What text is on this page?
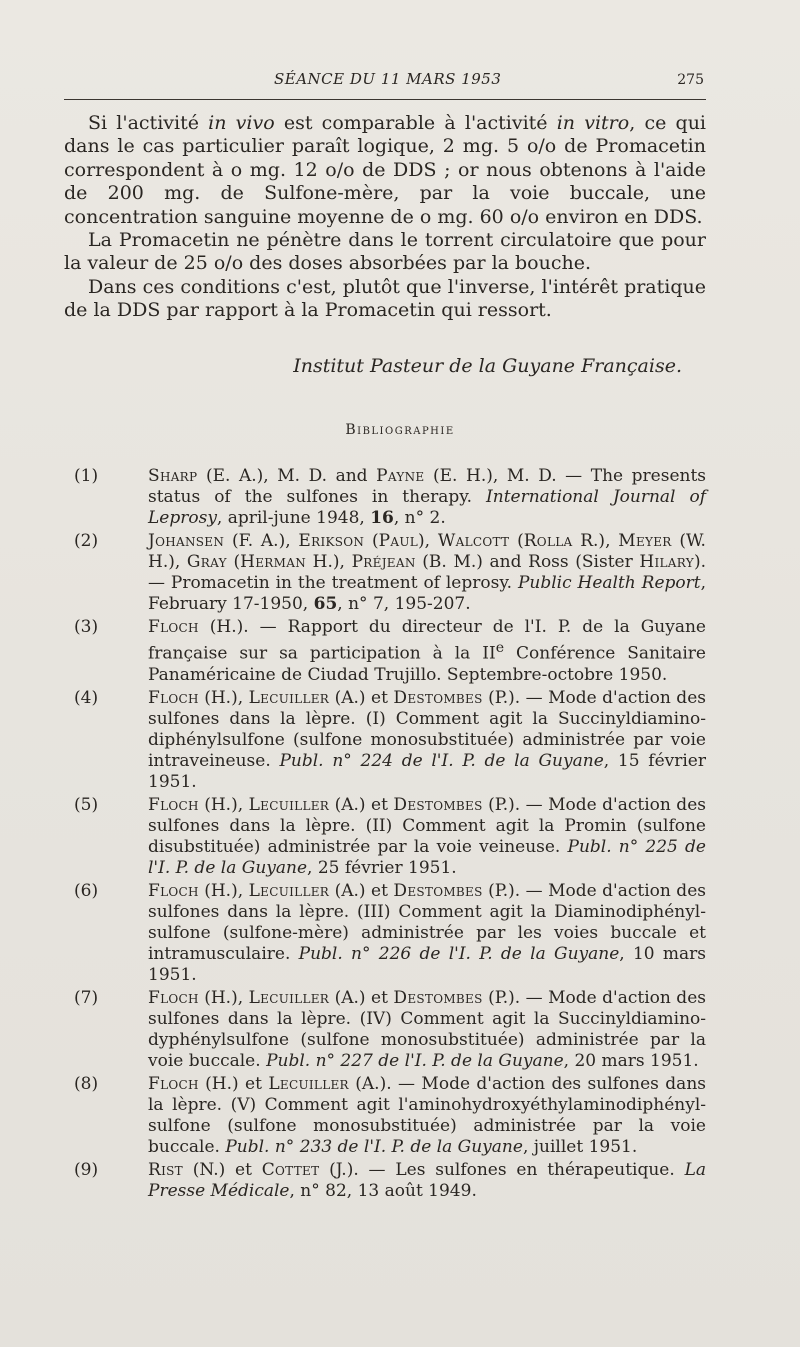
SÉANCE DU 11 MARS 1953	275

Si l'activité in vivo est comparable à l'activité in vitro, ce qui dans le cas particulier paraît logique, 2 mg. 5 o/o de Promacetin correspondent à o mg. 12 o/o de DDS ; or nous obtenons à l'aide de 200 mg. de Sulfone-mère, par la voie buccale, une concentration sanguine moyenne de o mg. 60 o/o environ en DDS.

La Promacetin ne pénètre dans le torrent circulatoire que pour la valeur de 25 o/o des doses absorbées par la bouche.

Dans ces conditions c'est, plutôt que l'inverse, l'intérêt pratique de la DDS par rapport à la Promacetin qui ressort.

Institut Pasteur de la Guyane Française.
Bibliographie
(1)	Sharp (E. A.), M. D. and Payne (E. H.), M. D. — The presents status of the sulfones in therapy. International Journal of Leprosy, april-june 1948, 16, n° 2.
(2)	Johansen (F. A.), Erikson (Paul), Walcott (Rolla R.), Meyer (W. H.), Gray (Herman H.), Préjean (B. M.) and Ross (Sister Hilary). — Promacetin in the treatment of leprosy. Public Health Report, February 17-1950, 65, n° 7, 195-207.
(3)	Floch (H.). — Rapport du directeur de l'I. P. de la Guyane française sur sa participation à la IIe Conférence Sanitaire Panaméricaine de Ciudad Trujillo. Septembre-octobre 1950.
(4)	Floch (H.), Lecuiller (A.) et Destombes (P.). — Mode d'action des sulfones dans la lèpre. (I) Comment agit la Succinyldiamino-diphénylsulfone (sulfone monosubstituée) administrée par voie intraveineuse. Publ. n° 224 de l'I. P. de la Guyane, 15 février 1951.
(5)	Floch (H.), Lecuiller (A.) et Destombes (P.). — Mode d'action des sulfones dans la lèpre. (II) Comment agit la Promin (sulfone disubstituée) administrée par la voie veineuse. Publ. n° 225 de l'I. P. de la Guyane, 25 février 1951.
(6)	Floch (H.), Lecuiller (A.) et Destombes (P.). — Mode d'action des sulfones dans la lèpre. (III) Comment agit la Diaminodiphényl-sulfone (sulfone-mère) administrée par les voies buccale et intramusculaire. Publ. n° 226 de l'I. P. de la Guyane, 10 mars 1951.
(7)	Floch (H.), Lecuiller (A.) et Destombes (P.). — Mode d'action des sulfones dans la lèpre. (IV) Comment agit la Succinyldiamino-dyphénylsulfone (sulfone monosubstituée) administrée par la voie buccale. Publ. n° 227 de l'I. P. de la Guyane, 20 mars 1951.
(8)	Floch (H.) et Lecuiller (A.). — Mode d'action des sulfones dans la lèpre. (V) Comment agit l'aminohydroxyéthylaminodiphényl-sulfone (sulfone monosubstituée) administrée par la voie buccale. Publ. n° 233 de l'I. P. de la Guyane, juillet 1951.
(9)	Rist (N.) et Cottet (J.). — Les sulfones en thérapeutique. La Presse Médicale, n° 82, 13 août 1949.
